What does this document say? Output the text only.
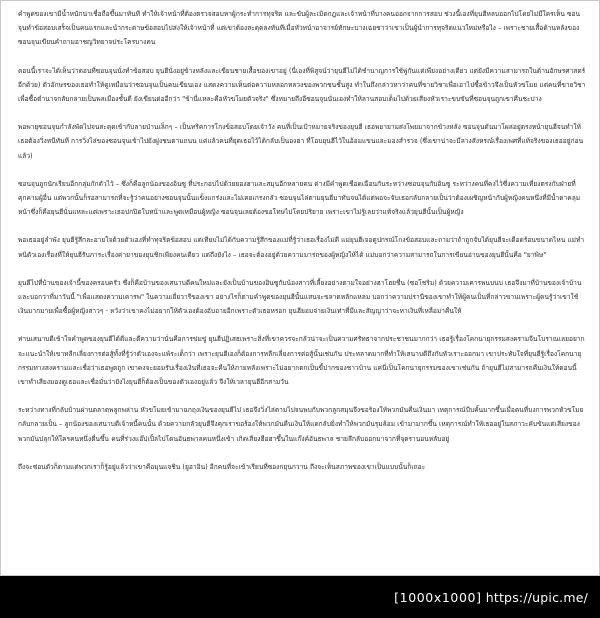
คำพูดของเขามีน้ำหนักน่าเชื่อถือขึ้นมาทันที ทำให้เจ้าหน้าที่ต้องตรวจสอบหาผู้กระทำการทุจริต และขับผู้ละเมิดกฎและเจ้าหน้าที่บางคนออกจากการสอบ ช่วงนี้เองที่ยุนฮีหลบออกไปโดยไม่มีใครเห็น ซอนจุนทำข้อสอบเสร็จเป็นคนแรกและนำกระดาษข้อสอบไปส่งให้เจ้าหน้าที่ แต่เขาต้องสะดุดลงทันทีเมื่อหัวหน้าอาจารย์ทักษะบางเฉยชาว่าเขาเป็นผู้นำการทุจริตแนวใหม่หรือไง – เพราะชายเสื้อด้านหลังของซอนจุนเขียนคำถามอาชญวิทยาจประโครบางคน

ตอนนี้เราจะได้เห็นว่าตอนที่ซอนจุนนั่งทำข้อสอบ ยุนฮีนั่งอยู่ข้างหลังและเขียนชายเสื้อของเขาอยู่ (นี่เองที่พิสูจน์ว่ายุนฮีไม่ได้ชำนาญการใช้พู่กันแต่เพียงอย่างเดียว แต่ยังมีความสามารถในด้านอักษรศาสตร์อีกด้วย) ตัวอักษรของเธอทำให้ดูเหมือนว่าซอนจุนเป็นคนเขียนเอง แสดงความเห็นต่อความหลอกหลวงของพวกชนชั้นสูง ทำในถึงกล่าวหาว่าคนที่ขายวิชาเพื่อเอาไปซื้อข้าวจึงเป็นหัวขโมย แต่คนที่ขายวิชาเพื่อซื้อตำนาจกลับกลายเป็นพลเมืองชั้นดี ยังเขียนต่ออีกว่า "ข้านี่แหละคือหัวขโมยตัวจริง" ซึ่งหมายถึงอีซอนจุนนั่นเองทำให้ลานสอบเต็มไปด้วยเสียงหัวเราะขบขันที่ซอนจุนถูกเขาคืนชะบ่าง

พอพายุซอนจุนกำลังพัดไปจนสะดุดเข้ากับลายป่านเล็กๆ – เป็นทริคการโกงข้อสอบโดยเจ้าวัง คนที่เป็นเป้าหมายจริงของยุนฮี เธอพยายามส่งโพยมาจากข้างหลัง ซอนจุนดันมาโผล่อยู่ตรงหน้ายุนฮีจนทำให้เธอต้องวิ่งหนีทันที การวิ่งไล่ของซอนจุนเข้าไปยังฝูงชนตามถนน แต่แล้วคนที่ยุดเธอไว้ได้กลับเป็นองฮา ที่โอบยุนฮีไว้ในอ้อมแขนและมองสำรวจ (ซึ่งเขาน่าจะมีลางสังหรณ์เรื่องเพศที่แท้จริงของเธออยู่ก่อนแล้ว)

ซอนจุนถูกนักเรียนอีกกลุ่มกักตัวไว้ – ซึ่งก็คือลูกน้องของอินซู ที่ประกอบไปด้วยยองฮาและสมุนอีกหลายคน ต่างมีคำพูดเชือดเฉือนกันระหว่างซอนจุนกับอินซู ระหว่างคนที่คงไว้ซึ่งความเที่ยงตรงกับฝ่ายที่คุกคามผู้อื่น แต่พวกนั้นก็รอสามารถที่จะรู้ว่าคนอย่างซอนจุนนั้นแข็งแกร่งและไม่เคยเกรงกลัว ซอนจุนไล่ตามยุนฮีมาทันจนได้แต่พอจะจับเธอกลับกลายเป็นว่าต้องเผชิญหน้ากับผู้หญิงคนหนึ่งที่มีน้ำตาคลุมหน้าซึ่งก็คือยุนฮีนั่นแหละแต่เพราะเธอปกปิดใบหน้าและพูดเหมือนผู้หญิง ซอนจุนเลยต้องขอโทษไปโดยปริยาย เพราะเขาไม่รู้เลยว่าแท้จริงแล้วยุนฮีนั้นเป็นผู้หญิง

พอเธออยู่ลำพัง ยุนฮีรู้สึกละอายใจด้วยตัวเองที่ทำทุจริตข้อสอบ แต่เทียบไม่ได้กับความรู้สึกของแม่ที่รู้ว่าเธอเรื่องไม่ดี แม่ยุนฮีเจอดูปกรณ์โกงข้อสอบและถามว่าถ้าถูกจับได้ยุนฮีจะเดือดร้อนขนาดไหน แม่ทำหนิดัวเองเรื่องที่ให้ยุนฮีรับภาระเรื่องค่ายาของยุนชิกเพียงคนเดียว แต่ถึงยังไง – เธอจะต้องอยู่ด้วยความมารถของผู้หญิงให้ได้ แม่บอกว่าความสามารถในการเขียนอ่านของยุนฮีนั้นคือ "ยาพิษ"

ยุนฮีไปที่บ้านของเจ้านี้ของครอบครัว ซึ่งก็คือบ้านของเสนาบดีคนใหม่และยังเป็นบ้านของอินซูกับน้องสาวที่เลี้ยงอย่างตามใจอย่างฮาโฮยชื่น (ซอโชริม) ด้วยความเคารพนบนบ เธอจึงมาที่บ้านของเจ้าบ้านและบอกว่าที่มาวันนี้ "เพื่อแสดงความเคารพ" ในความเยี่ยวารีของเขา อย่างไรก็ตามคำพูดของยุนฮีนั้นแสนจะขลาดหลักแหลม บอกว่าความปรานีของเขาทำให้ผู้คนเป็นที่กล่าวขานเพราะผู้คนรู้ว่าเขาใช้เงินมากมายเพื่อซื้อผู้หญิงสาวๆ - หวังว่าเขาคงไม่อยากให้ตัวเองต้องอับอายอีกเพราะตัวเธอหรอก ยุนฮียอมจ่ายเงินเท่าที่มีและสัญญาว่าจะหาเงินที่เหลือมาคืนให้

ท่านเสนาบดีเข้าใจคำพูดของยุนฮีได้ดีและตีความว่านั่นคือการข่มขู่ ยุนฮีปฏิเสธเพราะสิ่งที่เขาควรจะกลัวน่าจะเป็นความศรัทธาจากประชาชนมากกว่า เธอรู้เรื่องโคกนายุกรรมสงครามจีนโบราณเลยอยากจะแนะนำให้เขาหลีกเลี่ยงการต่อสู้ทั้งที่รู้ว่าตัวเองจะแพ้ระเด็กว่า เพราะยุนฮีเองก็ต้องการหลีกเลี่ยงการต่อสู้นั้นเช่นกัน ประหลาดมากที่ทำให้เสนาบดีถึงกับหัวเราะออกมา เขาประทับใจที่ยุนฮีรู้เรื่องโคกนายุกรรมทางสงครามและเชื่อว่าเธอพูดถูก เขาคงจะยอมรับเรื่องเงินที่เธอจะคืนให้ภายหลังเพราะไม่อยากตกเป็นขี้ปากของชาวบ้าน แค่นี่เป็นโคกนายุกรรมของเขาเช่นกัน ถ้ายุนฮีไม่สามารถคืนเงินให้ตอนนี้ เขาทำเสียงมองดูเธอและเชื่อมั่นว่ายังไงยุนฮีก็ต้องเป็นของตัวเองอยู่แล้ว จึงให้เวลายุนฮีอีกสามวัน

ระหว่างทางที่กลับบ้านผ่านตลาดพลูกพล่าน หัวขโมยเข้ามาฉกถุงเงินของยุนฮีไป เธอจึงวิ่งไล่ตามไปจนพบกับพวกลูกสมุนจึงขอร้องให้พวกมันคืนเงินมา เหตุการณ์บีบคั้นมากขึ้นเมื่อคนที่บงการพวกหัวขโมยกลับกลายเป็น – ลูกน้องของเสนาบดีเจ้าหนี้คนนั้น ด้วยความกลัวยุนฮีจึงคุกเราขอร้องให้พวกมันคืนเงินให้แตกลับยิ่งทำให้พวกมันรุมล้อม เข้ามามากขึ้น เหตุการณ์ทำให้เธออยู่ในสภาวะคับขันแต่เสียงของพวกมันปลุกให้ใครคนหนึ่งตื่นขึ้น คนที่ร่วงแอ๊ปเปิ้ลไปโดนอันธพาลคนหนึ่งเข้า เกิดเสียงฮือฮาขึ้นในแก๊งค์อันธพาล ชายลึกลับออกมาจากที่จุดรานอนหลับอยู่

ถึงจะซ่อนตัวก็ตามแต่พวกเราก็รู้อยู่แล้วว่าเขาคือมุนแจชิน (ยูอาอิน) อีกคนที่จะเข้าเรียนที่ซองกยุนกวาน ถึงจะเห็นสภาพของเขาเป็นแบบนั้นก็เถอะ

[1000x1000] https://upic.me/
